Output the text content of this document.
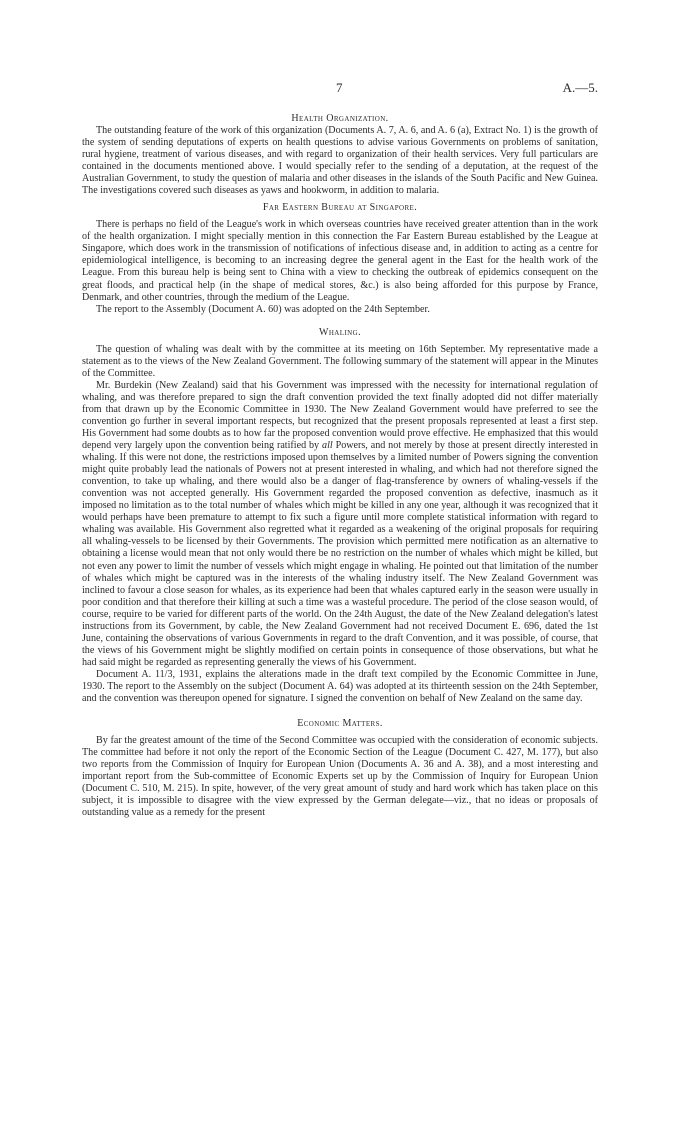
7	A.—5.
Health Organization.

The outstanding feature of the work of this organization (Documents A. 7, A. 6, and A. 6 (a), Extract No. 1) is the growth of the system of sending deputations of experts on health questions to advise various Governments on problems of sanitation, rural hygiene, treatment of various diseases, and with regard to organization of their health services. Very full particulars are contained in the documents mentioned above. I would specially refer to the sending of a deputation, at the request of the Australian Government, to study the question of malaria and other diseases in the islands of the South Pacific and New Guinea. The investigations covered such diseases as yaws and hookworm, in addition to malaria.

Far Eastern Bureau at Singapore.

There is perhaps no field of the League's work in which overseas countries have received greater attention than in the work of the health organization. I might specially mention in this connection the Far Eastern Bureau established by the League at Singapore, which does work in the transmission of notifications of infectious disease and, in addition to acting as a centre for epidemiological intelligence, is becoming to an increasing degree the general agent in the East for the health work of the League. From this bureau help is being sent to China with a view to checking the outbreak of epidemics consequent on the great floods, and practical help (in the shape of medical stores, &c.) is also being afforded for this purpose by France, Denmark, and other countries, through the medium of the League.

The report to the Assembly (Document A. 60) was adopted on the 24th September.

Whaling.

The question of whaling was dealt with by the committee at its meeting on 16th September. My representative made a statement as to the views of the New Zealand Government. The following summary of the statement will appear in the Minutes of the Committee.

Mr. Burdekin (New Zealand) said that his Government was impressed with the necessity for international regulation of whaling, and was therefore prepared to sign the draft convention provided the text finally adopted did not differ materially from that drawn up by the Economic Committee in 1930. The New Zealand Government would have preferred to see the convention go further in several important respects, but recognized that the present proposals represented at least a first step. His Government had some doubts as to how far the proposed convention would prove effective. He emphasized that this would depend very largely upon the convention being ratified by all Powers, and not merely by those at present directly interested in whaling. If this were not done, the restrictions imposed upon themselves by a limited number of Powers signing the convention might quite probably lead the nationals of Powers not at present interested in whaling, and which had not therefore signed the convention, to take up whaling, and there would also be a danger of flag-transference by owners of whaling-vessels if the convention was not accepted generally. His Government regarded the proposed convention as defective, inasmuch as it imposed no limitation as to the total number of whales which might be killed in any one year, although it was recognized that it would perhaps have been premature to attempt to fix such a figure until more complete statistical information with regard to whaling was available. His Government also regretted what it regarded as a weakening of the original proposals for requiring all whaling-vessels to be licensed by their Governments. The provision which permitted mere notification as an alternative to obtaining a license would mean that not only would there be no restriction on the number of whales which might be killed, but not even any power to limit the number of vessels which might engage in whaling. He pointed out that limitation of the number of whales which might be captured was in the interests of the whaling industry itself. The New Zealand Government was inclined to favour a close season for whales, as its experience had been that whales captured early in the season were usually in poor condition and that therefore their killing at such a time was a wasteful procedure. The period of the close season would, of course, require to be varied for different parts of the world. On the 24th August, the date of the New Zealand delegation's latest instructions from its Government, by cable, the New Zealand Government had not received Document E. 696, dated the 1st June, containing the observations of various Governments in regard to the draft Convention, and it was possible, of course, that the views of his Government might be slightly modified on certain points in consequence of those observations, but what he had said might be regarded as representing generally the views of his Government.

Document A. 11/3, 1931, explains the alterations made in the draft text compiled by the Economic Committee in June, 1930. The report to the Assembly on the subject (Document A. 64) was adopted at its thirteenth session on the 24th September, and the convention was thereupon opened for signature. I signed the convention on behalf of New Zealand on the same day.

Economic Matters.

By far the greatest amount of the time of the Second Committee was occupied with the consideration of economic subjects. The committee had before it not only the report of the Economic Section of the League (Document C. 427, M. 177), but also two reports from the Commission of Inquiry for European Union (Documents A. 36 and A. 38), and a most interesting and important report from the Sub-committee of Economic Experts set up by the Commission of Inquiry for European Union (Document C. 510, M. 215). In spite, however, of the very great amount of study and hard work which has taken place on this subject, it is impossible to disagree with the view expressed by the German delegate—viz., that no ideas or proposals of outstanding value as a remedy for the present
